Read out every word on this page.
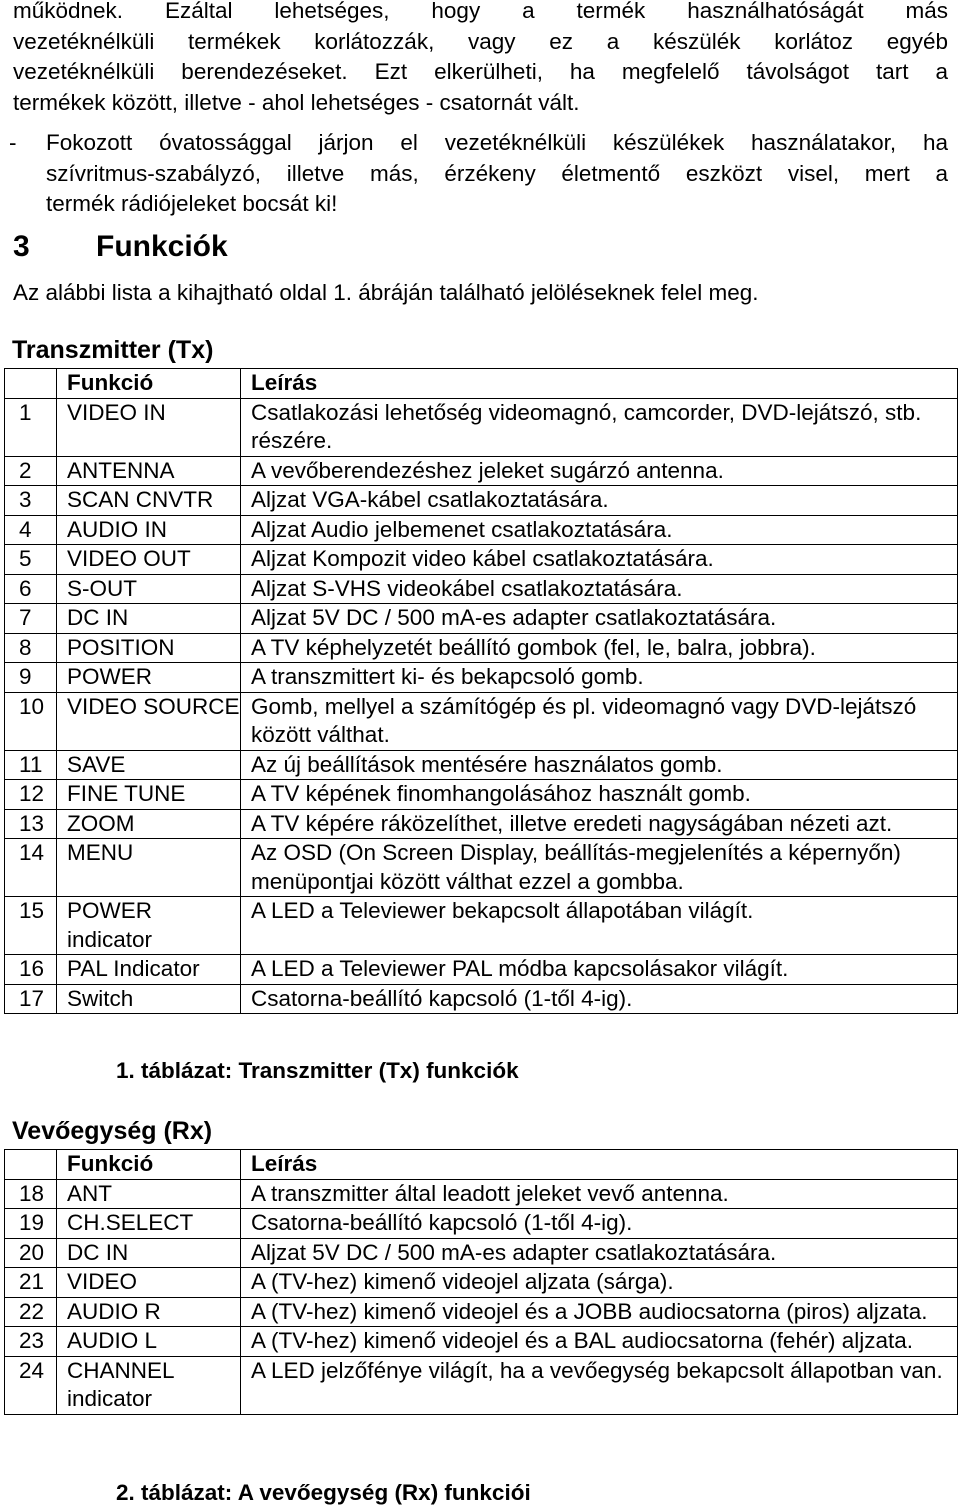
működnek. Ezáltal lehetséges, hogy a termék használhatóságát más
vezetéknélküli termékek korlátozzák, vagy ez a készülék korlátoz egyéb
vezetéknélküli berendezéseket. Ezt elkerülheti, ha megfelelő távolságot tart a
termékek között, illetve - ahol lehetséges - csatornát vált.
- Fokozott óvatossággal járjon el vezetéknélküli készülékek használatakor, ha
szívritmus-szabályzó, illetve más, érzékeny életmentő eszközt visel, mert a
termék rádiójeleket bocsát ki!
3 Funkciók

Az alábbi lista a kihajtható oldal 1. ábráján található jelöléseknek felel meg.

Transzmitter (Tx)
	Funkció	Leírás
1	VIDEO IN	Csatlakozási lehetőség videomagnó, camcorder, DVD-lejátszó, stb. részére.
2	ANTENNA	A vevőberendezéshez jeleket sugárzó antenna.
3	SCAN CNVTR	Aljzat VGA-kábel csatlakoztatására.
4	AUDIO IN	Aljzat Audio jelbemenet csatlakoztatására.
5	VIDEO OUT	Aljzat Kompozit video kábel csatlakoztatására.
6	S-OUT	Aljzat S-VHS videokábel csatlakoztatására.
7	DC IN	Aljzat 5V DC / 500 mA-es adapter csatlakoztatására.
8	POSITION	A TV képhelyzetét beállító gombok (fel, le, balra, jobbra).
9	POWER	A transzmittert ki- és bekapcsoló gomb.
10	VIDEO SOURCE	Gomb, mellyel a számítógép és pl. videomagnó vagy DVD-lejátszó között válthat.
11	SAVE	Az új beállítások mentésére használatos gomb.
12	FINE TUNE	A TV képének finomhangolásához használt gomb.
13	ZOOM	A TV képére ráközelíthet, illetve eredeti nagyságában nézeti azt.
14	MENU	Az OSD (On Screen Display, beállítás-megjelenítés a képernyőn) menüpontjai között válthat ezzel a gombba.
15	POWER indicator	A LED a Televiewer bekapcsolt állapotában világít.
16	PAL Indicator	A LED a Televiewer PAL módba kapcsolásakor világít.
17	Switch	Csatorna-beállító kapcsoló (1-től 4-ig).

1. táblázat: Transzmitter (Tx) funkciók

Vevőegység (Rx)
	Funkció	Leírás
18	ANT	A transzmitter által leadott jeleket vevő antenna.
19	CH.SELECT	Csatorna-beállító kapcsoló (1-től 4-ig).
20	DC IN	Aljzat 5V DC / 500 mA-es adapter csatlakoztatására.
21	VIDEO	A (TV-hez) kimenő videojel aljzata (sárga).
22	AUDIO R	A (TV-hez) kimenő videojel és a JOBB audiocsatorna (piros) aljzata.
23	AUDIO L	A (TV-hez) kimenő videojel és a BAL audiocsatorna (fehér) aljzata.
24	CHANNEL indicator	A LED jelzőfénye világít, ha a vevőegység bekapcsolt állapotban van.

2. táblázat: A vevőegység (Rx) funkciói
